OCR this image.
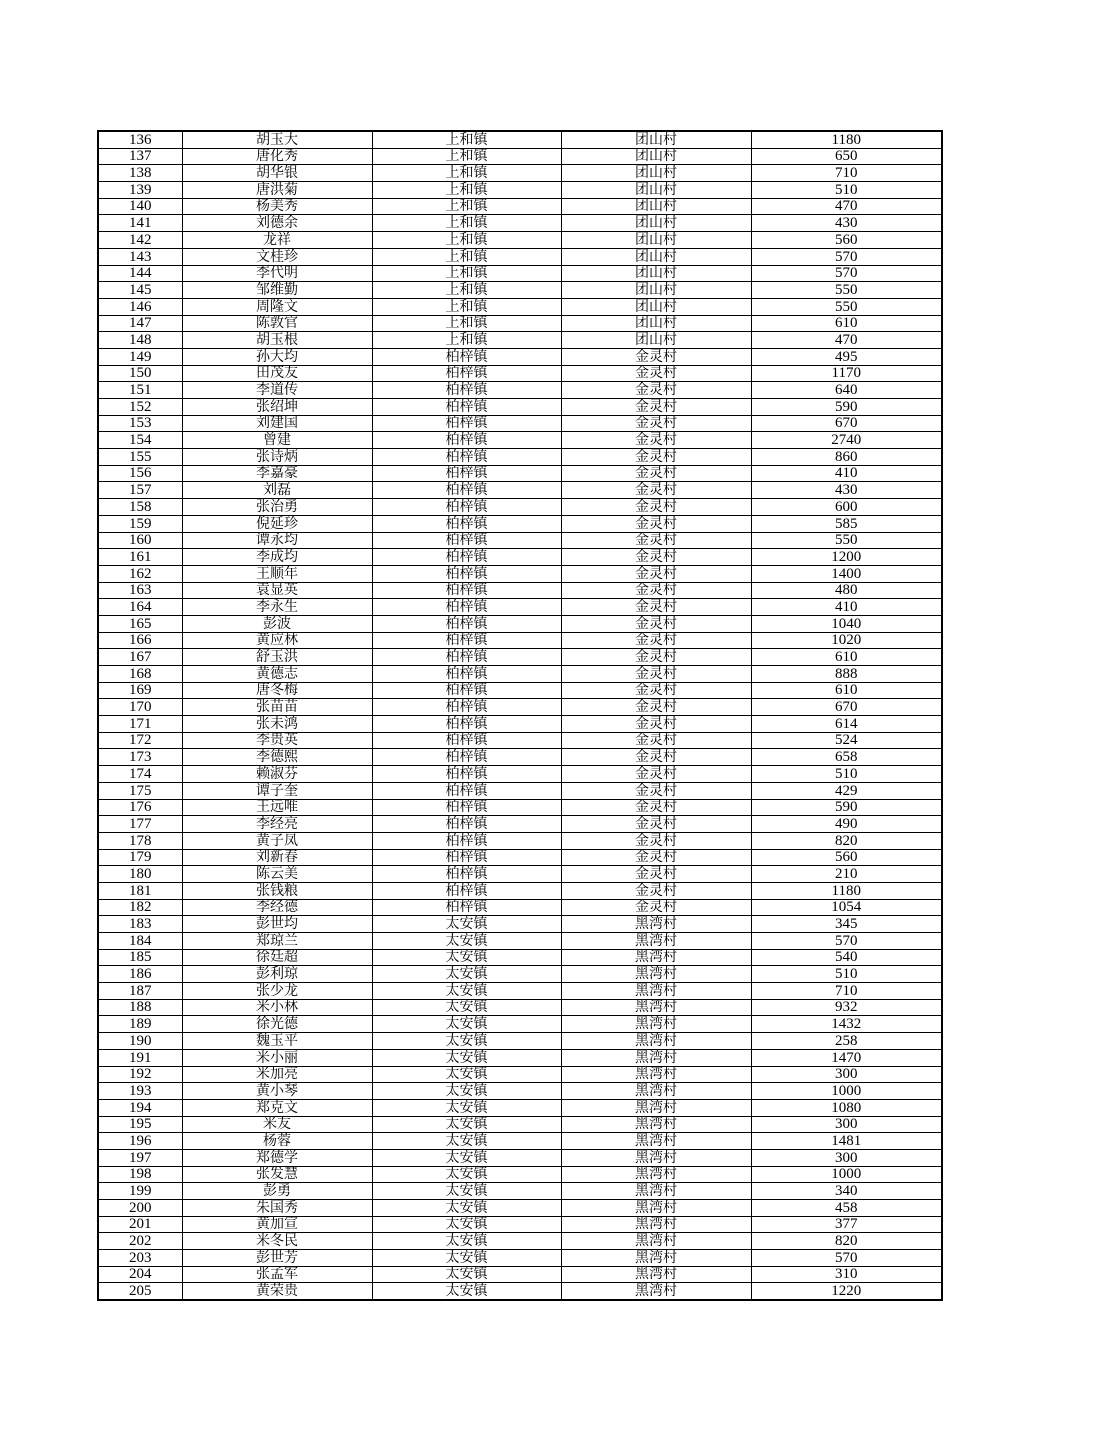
136	胡玉大	上和镇	团山村	1180
137	唐化秀	上和镇	团山村	650
138	胡华银	上和镇	团山村	710
139	唐洪菊	上和镇	团山村	510
140	杨美秀	上和镇	团山村	470
141	刘德余	上和镇	团山村	430
142	龙祥	上和镇	团山村	560
143	文桂珍	上和镇	团山村	570
144	李代明	上和镇	团山村	570
145	邹维勤	上和镇	团山村	550
146	周隆文	上和镇	团山村	550
147	陈敦官	上和镇	团山村	610
148	胡玉根	上和镇	团山村	470
149	孙大均	柏梓镇	金灵村	495
150	田茂友	柏梓镇	金灵村	1170
151	李道传	柏梓镇	金灵村	640
152	张绍坤	柏梓镇	金灵村	590
153	刘建国	柏梓镇	金灵村	670
154	曾建	柏梓镇	金灵村	2740
155	张诗炳	柏梓镇	金灵村	860
156	李嘉豪	柏梓镇	金灵村	410
157	刘磊	柏梓镇	金灵村	430
158	张治勇	柏梓镇	金灵村	600
159	倪延珍	柏梓镇	金灵村	585
160	谭永均	柏梓镇	金灵村	550
161	李成均	柏梓镇	金灵村	1200
162	王顺年	柏梓镇	金灵村	1400
163	袁显英	柏梓镇	金灵村	480
164	李永生	柏梓镇	金灵村	410
165	彭波	柏梓镇	金灵村	1040
166	黄应林	柏梓镇	金灵村	1020
167	舒玉洪	柏梓镇	金灵村	610
168	黄德志	柏梓镇	金灵村	888
169	唐冬梅	柏梓镇	金灵村	610
170	张苗苗	柏梓镇	金灵村	670
171	张未鸿	柏梓镇	金灵村	614
172	李贵英	柏梓镇	金灵村	524
173	李德熙	柏梓镇	金灵村	658
174	赖淑芬	柏梓镇	金灵村	510
175	谭子奎	柏梓镇	金灵村	429
176	王远唯	柏梓镇	金灵村	590
177	李经亮	柏梓镇	金灵村	490
178	黄子凤	柏梓镇	金灵村	820
179	刘新春	柏梓镇	金灵村	560
180	陈云美	柏梓镇	金灵村	210
181	张钱粮	柏梓镇	金灵村	1180
182	李经德	柏梓镇	金灵村	1054
183	彭世均	太安镇	黑湾村	345
184	郑琼兰	太安镇	黑湾村	570
185	徐廷超	太安镇	黑湾村	540
186	彭利琼	太安镇	黑湾村	510
187	张少龙	太安镇	黑湾村	710
188	米小林	太安镇	黑湾村	932
189	徐光德	太安镇	黑湾村	1432
190	魏玉平	太安镇	黑湾村	258
191	米小丽	太安镇	黑湾村	1470
192	米加亮	太安镇	黑湾村	300
193	黄小琴	太安镇	黑湾村	1000
194	郑克文	太安镇	黑湾村	1080
195	米友	太安镇	黑湾村	300
196	杨蓉	太安镇	黑湾村	1481
197	郑德学	太安镇	黑湾村	300
198	张发慧	太安镇	黑湾村	1000
199	彭勇	太安镇	黑湾村	340
200	朱国秀	太安镇	黑湾村	458
201	黄加宣	太安镇	黑湾村	377
202	米冬民	太安镇	黑湾村	820
203	彭世芳	太安镇	黑湾村	570
204	张孟军	太安镇	黑湾村	310
205	黄荣贵	太安镇	黑湾村	1220
